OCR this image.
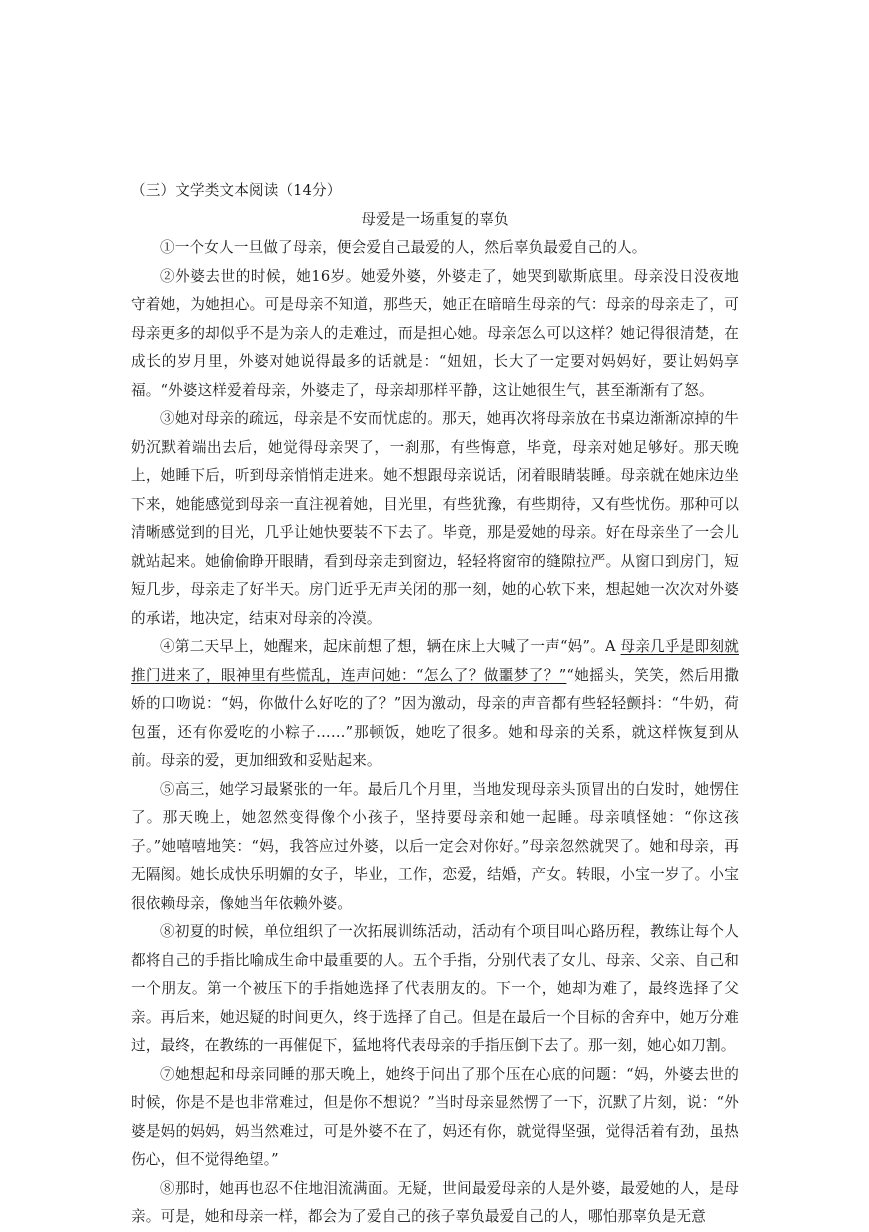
（三）文学类文本阅读（14分）
母爱是一场重复的辜负

①一个女人一旦做了母亲，便会爱自己最爱的人，然后辜负最爱自己的人。

②外婆去世的时候，她16岁。她爱外婆，外婆走了，她哭到歇斯底里。母亲没日没夜地守着她，为她担心。可是母亲不知道，那些天，她正在暗暗生母亲的气：母亲的母亲走了，可母亲更多的却似乎不是为亲人的走难过，而是担心她。母亲怎么可以这样？她记得很清楚，在成长的岁月里，外婆对她说得最多的话就是：“妞妞，长大了一定要对妈妈好，要让妈妈享福。“外婆这样爱着母亲，外婆走了，母亲却那样平静，这让她很生气，甚至渐渐有了怒。

③她对母亲的疏远，母亲是不安而忧虑的。那天，她再次将母亲放在书桌边渐渐凉掉的牛奶沉默着端出去后，她觉得母亲哭了，一刹那，有些悔意，毕竟，母亲对她足够好。那天晚上，她睡下后，听到母亲悄悄走进来。她不想跟母亲说话，闭着眼睛装睡。母亲就在她床边坐下来，她能感觉到母亲一直注视着她，目光里，有些犹豫，有些期待，又有些忧伤。那种可以清晰感觉到的目光，几乎让她快要装不下去了。毕竟，那是爱她的母亲。好在母亲坐了一会儿就站起来。她偷偷睁开眼睛，看到母亲走到窗边，轻轻将窗帘的缝隙拉严。从窗口到房门，短短几步，母亲走了好半天。房门近乎无声关闭的那一刻，她的心软下来，想起她一次次对外婆的承诺，地决定，结束对母亲的冷漠。

④第二天早上，她醒来，起床前想了想，辆在床上大喊了一声“妈”。A 母亲几乎是即刻就推门进来了，眼神里有些慌乱，连声问她：“怎么了？做噩梦了？”“她摇头，笑笑，然后用撒娇的口吻说：“妈，你做什么好吃的了？”因为激动，母亲的声音都有些轻轻颤抖：“牛奶，荷包蛋，还有你爱吃的小粽子……”那顿饭，她吃了很多。她和母亲的关系，就这样恢复到从前。母亲的爱，更加细致和妥贴起来。

⑤高三，她学习最紧张的一年。最后几个月里，当地发现母亲头顶冒出的白发时，她愣住了。那天晚上，她忽然变得像个小孩子，坚持要母亲和她一起睡。母亲嗔怪她：“你这孩子。”她嘻嘻地笑：“妈，我答应过外婆，以后一定会对你好。”母亲忽然就哭了。她和母亲，再无隔阂。她长成快乐明媚的女子，毕业，工作，恋爱，结婚，产女。转眼，小宝一岁了。小宝很依赖母亲，像她当年依赖外婆。

⑧初夏的时候，单位组织了一次拓展训练活动，活动有个项目叫心路历程，教练让每个人都将自己的手指比喻成生命中最重要的人。五个手指，分别代表了女儿、母亲、父亲、自己和一个朋友。第一个被压下的手指她选择了代表朋友的。下一个，她却为难了，最终选择了父亲。再后来，她迟疑的时间更久，终于选择了自己。但是在最后一个目标的舍弃中，她万分难过，最终，在教练的一再催促下，猛地将代表母亲的手指压倒下去了。那一刻，她心如刀割。

⑦她想起和母亲同睡的那天晚上，她终于问出了那个压在心底的问题：“妈，外婆去世的时候，你是不是也非常难过，但是你不想说？”当时母亲显然愣了一下，沉默了片刻，说：“外婆是妈的妈妈，妈当然难过，可是外婆不在了，妈还有你，就觉得坚强，觉得活着有劲，虽热伤心，但不觉得绝望。”

⑧那时，她再也忍不住地泪流满面。无疑，世间最爱母亲的人是外婆，最爱她的人，是母亲。可是，她和母亲一样，都会为了爱自己的孩子辜负最爱自己的人，哪怕那辜负是无意
